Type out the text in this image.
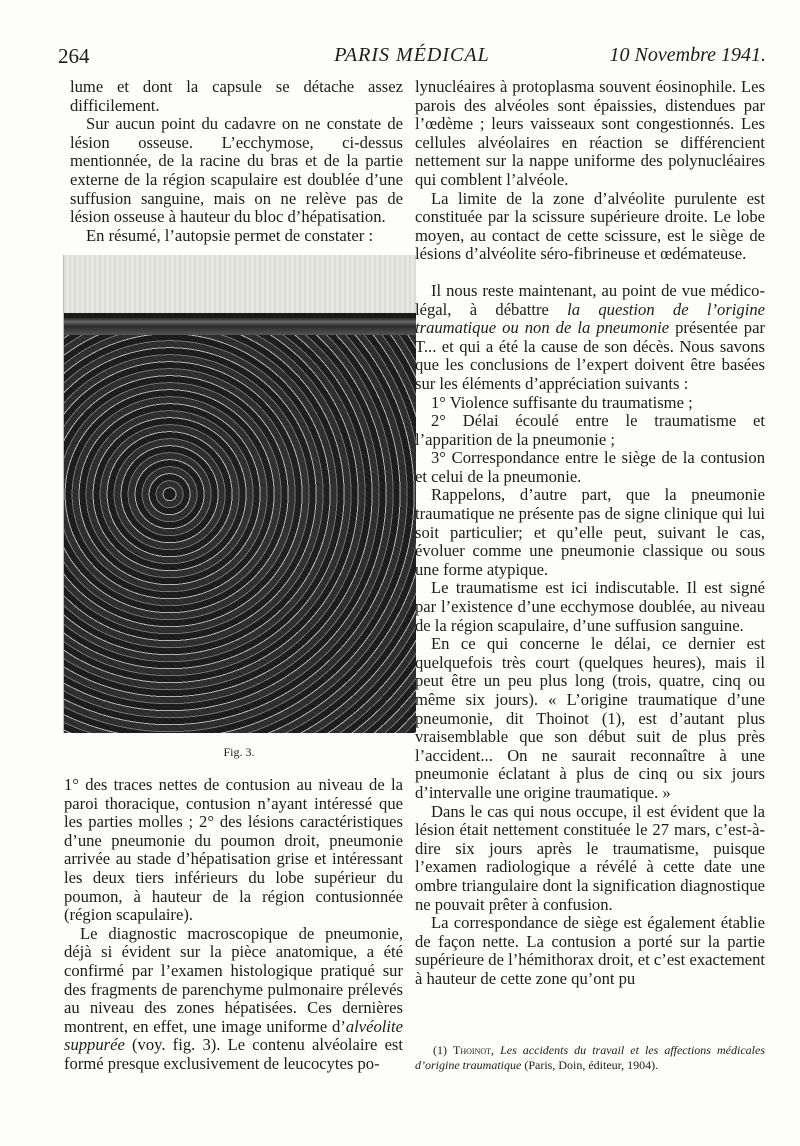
264	PARIS MÉDICAL	10 Novembre 1941.

lume et dont la capsule se détache assez difficilement.

Sur aucun point du cadavre on ne constate de lésion osseuse. L’ecchymose, ci-dessus mentionnée, de la racine du bras et de la partie externe de la région scapulaire est doublée d’une suffusion sanguine, mais on ne relève pas de lésion osseuse à hauteur du bloc d’hépatisation.

En résumé, l’autopsie permet de constater :

Fig. 3.

1° des traces nettes de contusion au niveau de la paroi thoracique, contusion n’ayant intéressé que les parties molles ; 2° des lésions caractéristiques d’une pneumonie du poumon droit, pneumonie arrivée au stade d’hépatisation grise et intéressant les deux tiers inférieurs du lobe supérieur du poumon, à hauteur de la région contusionnée (région scapulaire).

Le diagnostic macroscopique de pneumonie, déjà si évident sur la pièce anatomique, a été confirmé par l’examen histologique pratiqué sur des fragments de parenchyme pulmonaire prélevés au niveau des zones hépatisées. Ces dernières montrent, en effet, une image uniforme d’alvéolite suppurée (voy. fig. 3). Le contenu alvéolaire est formé presque exclusivement de leucocytes po-

lynucléaires à protoplasma souvent éosinophile. Les parois des alvéoles sont épaissies, distendues par l’œdème ; leurs vaisseaux sont congestionnés. Les cellules alvéolaires en réaction se différencient nettement sur la nappe uniforme des polynucléaires qui comblent l’alvéole.

La limite de la zone d’alvéolite purulente est constituée par la scissure supérieure droite. Le lobe moyen, au contact de cette scissure, est le siège de lésions d’alvéolite séro-fibrineuse et œdémateuse.

Il nous reste maintenant, au point de vue médico-légal, à débattre la question de l’origine traumatique ou non de la pneumonie présentée par T... et qui a été la cause de son décès. Nous savons que les conclusions de l’expert doivent être basées sur les éléments d’appréciation suivants :

1° Violence suffisante du traumatisme ;

2° Délai écoulé entre le traumatisme et l’apparition de la pneumonie ;

3° Correspondance entre le siège de la contusion et celui de la pneumonie.

Rappelons, d’autre part, que la pneumonie traumatique ne présente pas de signe clinique qui lui soit particulier; et qu’elle peut, suivant le cas, évoluer comme une pneumonie classique ou sous une forme atypique.

Le traumatisme est ici indiscutable. Il est signé par l’existence d’une ecchymose doublée, au niveau de la région scapulaire, d’une suffusion sanguine.

En ce qui concerne le délai, ce dernier est quelquefois très court (quelques heures), mais il peut être un peu plus long (trois, quatre, cinq ou même six jours). « L’origine traumatique d’une pneumonie, dit Thoinot (1), est d’autant plus vraisemblable que son début suit de plus près l’accident... On ne saurait reconnaître à une pneumonie éclatant à plus de cinq ou six jours d’intervalle une origine traumatique. »

Dans le cas qui nous occupe, il est évident que la lésion était nettement constituée le 27 mars, c’est-à-dire six jours après le traumatisme, puisque l’examen radiologique a révélé à cette date une ombre triangulaire dont la signification diagnostique ne pouvait prêter à confusion.

La correspondance de siège est également établie de façon nette. La contusion a porté sur la partie supérieure de l’hémithorax droit, et c’est exactement à hauteur de cette zone qu’ont pu

(1) Thoinot, Les accidents du travail et les affections médicales d’origine traumatique (Paris, Doin, éditeur, 1904).
